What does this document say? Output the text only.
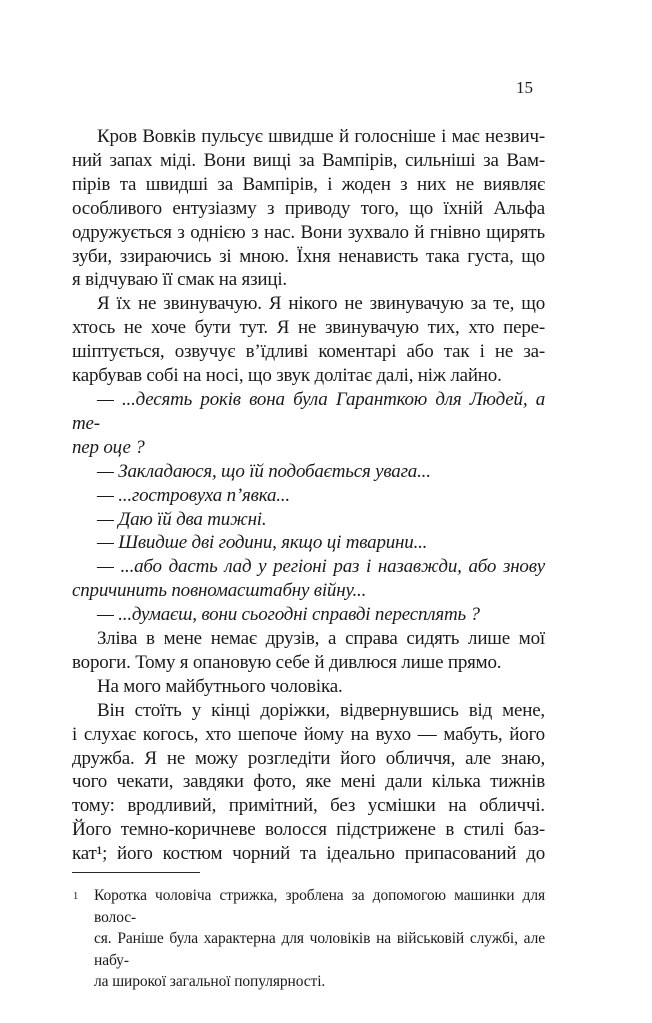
15
Кров Вовків пульсує швидше й голосніше і має незвич-
ний запах міді. Вони вищі за Вампірів, сильніші за Вам-
пірів та швидші за Вампірів, і жоден з них не виявляє
особливого ентузіазму з приводу того, що їхній Альфа
одружується з однією з нас. Вони зухвало й гнівно щирять
зуби, ззираючись зі мною. Їхня ненависть така густа, що
я відчуваю її смак на язиці.
Я їх не звинувачую. Я нікого не звинувачую за те, що
хтось не хоче бути тут. Я не звинувачую тих, хто пере-
шіптується, озвучує в’їдливі коментарі або так і не за-
карбував собі на носі, що звук долітає далі, ніж лайно.
— ...десять років вона була Гаранткою для Людей, а те-
пер оце ?
— Закладаюся, що їй подобається увага...
— ...гостровуха п’явка...
— Даю їй два тижні.
— Швидше дві години, якщо ці тварини...
— ...або дасть лад у регіоні раз і назавжди, або знову
спричинить повномасштабну війну...
— ...думаєш, вони сьогодні справді пересплять ?
Зліва в мене немає друзів, а справа сидять лише мої
вороги. Тому я опановую себе й дивлюся лише прямо.
На мого майбутнього чоловіка.
Він стоїть у кінці доріжки, відвернувшись від мене,
і слухає когось, хто шепоче йому на вухо — мабуть, його
дружба. Я не можу розгледіти його обличчя, але знаю,
чого чекати, завдяки фото, яке мені дали кілька тижнів
тому: вродливий, примітний, без усмішки на обличчі.
Його темно-коричневе волосся підстрижене в стилі баз-
кат¹; його костюм чорний та ідеально припасований до
1 Коротка чоловіча стрижка, зроблена за допомогою машинки для волос-
ся. Раніше була характерна для чоловіків на військовій службі, але набу-
ла широкої загальної популярності.
